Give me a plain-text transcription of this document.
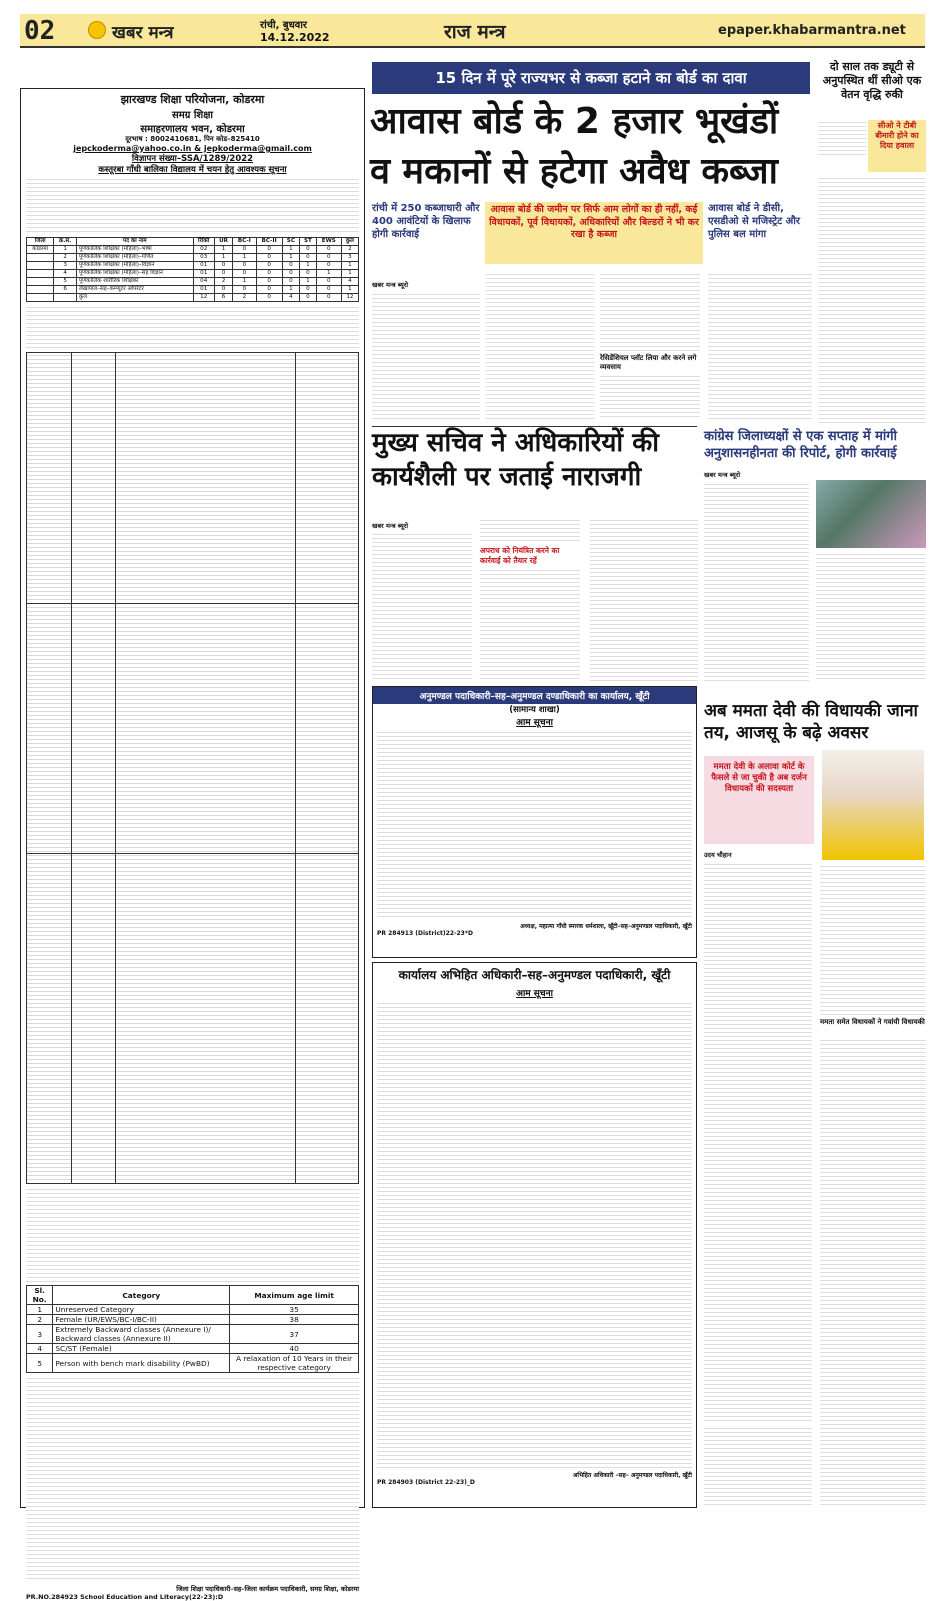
02	खबर मन्त्र	रांची, बुधवार
14.12.2022	राज मन्त्र	epaper.khabarmantra.net
झारखण्ड शिक्षा परियोजना, कोडरमा
समग्र शिक्षा
समाहरणालय भवन, कोडरमा
दूरभाष : 8002410681, पिन कोड–825410
jepckoderma@yahoo.co.in & jepkoderma@gmail.com
विज्ञापन संख्या–SSA/1289/2022
कस्तूरबा गाँधी बालिका विद्यालय में चयन हेतु आवश्यक सूचना
जिला	क्र.सं.	पद का नाम	रिक्ति	UR	BC-I	BC-II	SC	ST	EWS	कुल
कोडरमा	1	पूर्णकालिक शिक्षिका (महिला)–भाषा	02	1	0	0	1	0	0	2
	2	पूर्णकालिक शिक्षिका (महिला)–गणित	03	1	1	0	1	0	0	3
	3	पूर्णकालिक शिक्षिका (महिला)–विज्ञान	01	0	0	0	0	1	0	1
	4	पूर्णकालिक शिक्षिका (महिला)–सह विज्ञान	01	0	0	0	0	0	1	1
	5	पूर्णकालिक शारीरिक शिक्षिका	04	2	1	0	0	1	0	4
	6	लेखापाल–सह–कम्प्यूटर ऑपरेटर	01	0	0	0	1	0	0	1
		कुल	12	6	2	0	4	0	0	12
Sl. No.	Category	Maximum age limit
1	Unreserved Category	35
2	Female (UR/EWS/BC-I/BC-II)	38
3	Extremely Backward classes (Annexure I)/ Backward classes (Annexure II)	37
4	SC/ST (Female)	40
5	Person with bench mark disability (PwBD)	A relaxation of 10 Years in their respective category
जिला शिक्षा पदाधिकारी–सह–जिला कार्यक्रम पदाधिकारी, समग्र शिक्षा, कोडरमा
PR.NO.284923 School Education and Literacy(22-23):D
15 दिन में पूरे राज्यभर से कब्जा हटाने का बोर्ड का दावा
आवास बोर्ड के 2 हजार भूखंडों
व मकानों से हटेगा अवैध कब्जा
रांची में 250 कब्जाधारी और 400 आवंटियों के खिलाफ होगी कार्रवाई
आवास बोर्ड की जमीन पर सिर्फ आम लोगों का ही नहीं, कई विधायकों, पूर्व विधायकों, अधिकारियों और बिल्डरों ने भी कर रखा है कब्जा
आवास बोर्ड ने डीसी, एसडीओ से मजिस्ट्रेट और पुलिस बल मांगा
खबर मन्त्र ब्यूरो
रेसिडेंशियल प्लॉट लिया और करने लगे व्यवसाय
दो साल तक ड्यूटी से अनुपस्थित थीं सीओ एक वेतन वृद्धि रुकी
सीओ ने टीबी बीमारी होने का दिया हवाला
मुख्य सचिव ने अधिकारियों की
कार्यशैली पर जताई नाराजगी
खबर मन्त्र ब्यूरो
अपराध को नियंत्रित करने का कार्रवाई को तैयार रहें
कांग्रेस जिलाध्यक्षों से एक सप्ताह में मांगी अनुशासनहीनता की रिपोर्ट, होगी कार्रवाई
खबर मन्त्र ब्यूरो
अनुमण्डल पदाधिकारी–सह–अनुमण्डल दण्डाधिकारी का कार्यालय, खूँटी
(सामान्य शाखा)
आम सूचना
अध्यक्ष, महात्मा गाँधी स्मारक धर्मशाला, खूँटी–सह–अनुमण्डल पदाधिकारी, खूँटी
PR 284913 (District)22-23*D
कार्यालय अभिहित अधिकारी–सह–अनुमण्डल पदाधिकारी, खूँटी
आम सूचना
अभिहित अधिकारी –सह– अनुमण्डल पदाधिकारी, खूँटी
PR 284903 (District 22-23)_D
अब ममता देवी की विधायकी जाना तय, आजसू के बढ़े अवसर
ममता देवी के अलावा कोर्ट के फैसले से जा चुकी है अब दर्जन विधायकों की सदस्यता
उदय चौहान
ममता समेत विधायकों ने गवांयी विधायकी
